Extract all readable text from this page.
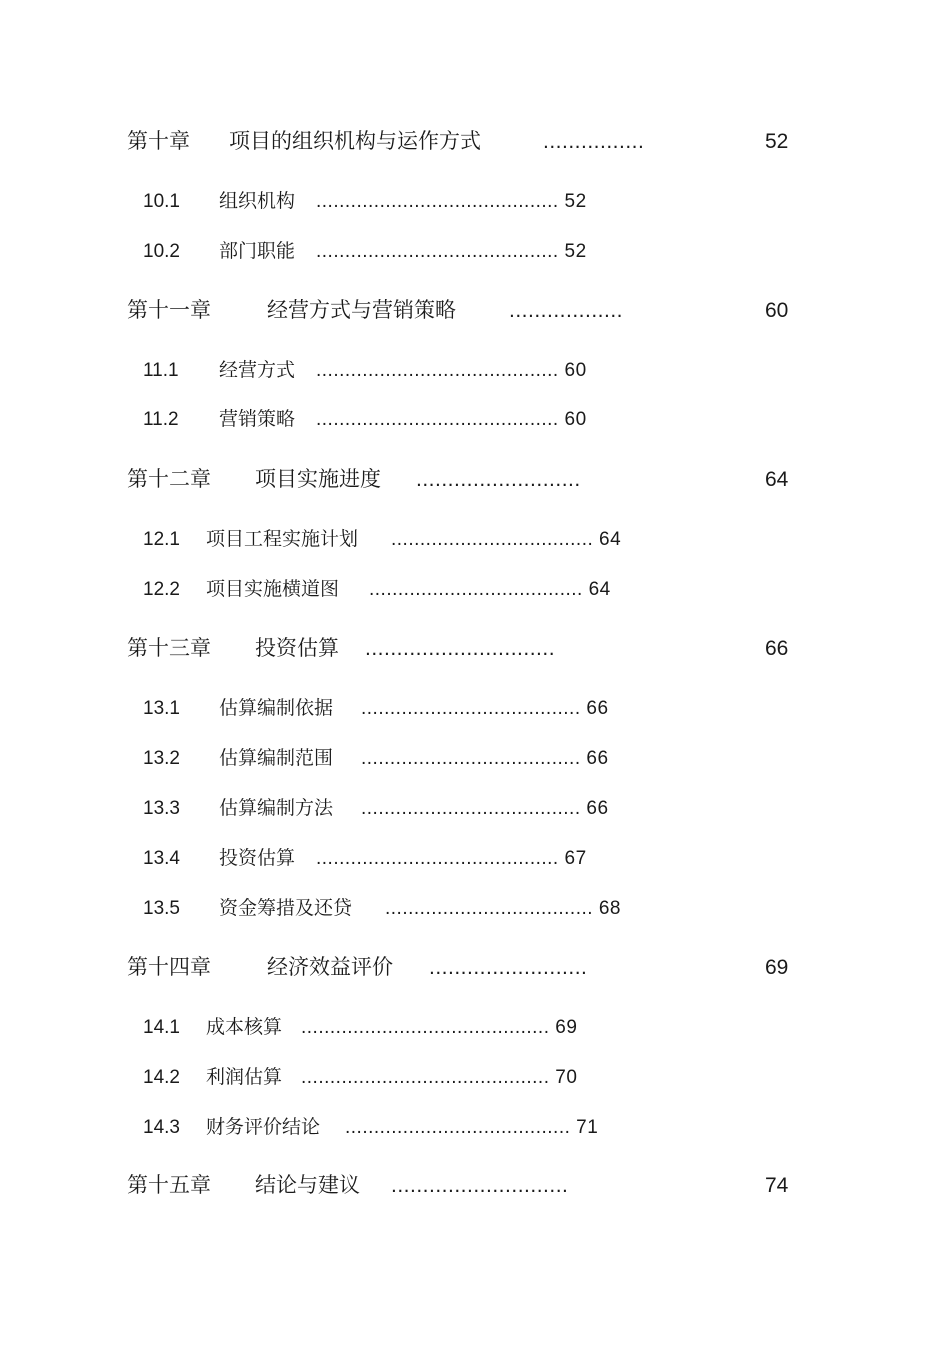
第十章 项目的组织机构与运作方式	................	52
10.1 组织机构 .......................................... 52
10.2 部门职能 .......................................... 52
第十一章	经营方式与营销策略	..................	60
11.1 经营方式 .......................................... 60
11.2 营销策略 .......................................... 60
第十二章 项目实施进度 ..........................	64
12.1 项目工程实施计划 ................................... 64
12.2 项目实施横道图 ..................................... 64
第十三章 投资估算 ..............................	66
13.1 估算编制依据 ...................................... 66
13.2 估算编制范围 ...................................... 66
13.3 估算编制方法 ...................................... 66
13.4 投资估算 .......................................... 67
13.5 资金筹措及还贷 .................................... 68
第十四章	经济效益评价 .........................	69
14.1 成本核算 ........................................... 69
14.2 利润估算 ........................................... 70
14.3 财务评价结论 ....................................... 71
第十五章 结论与建议 ............................	74
